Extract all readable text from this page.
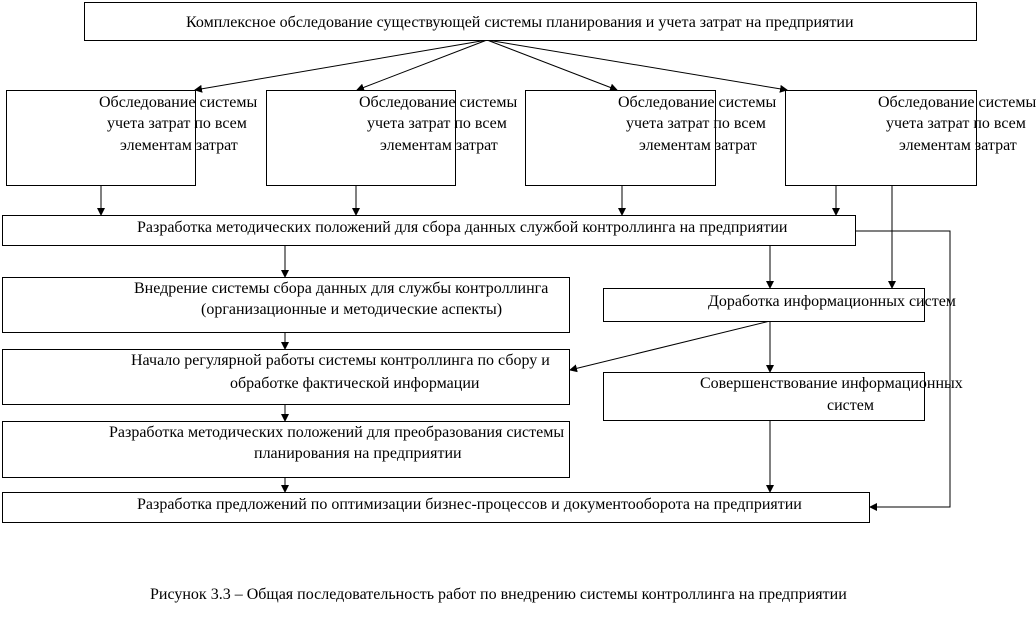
Комплексное обследование существующей системы планирования и учета затрат на предприятии
Обследование системы
учета затрат по всем
элементам затрат
Обследование системы
учета затрат по всем
элементам затрат
Обследование системы
учета затрат по всем
элементам затрат
Обследование системы
учета затрат по всем
элементам затрат
Разработка методических положений для сбора данных службой контроллинга на предприятии
Внедрение системы сбора данных для службы контроллинга
(организационные и методические аспекты)	Доработка информационных систем
Начало регулярной работы системы контроллинга по сбору и
обработке фактической информации	Совершенствование информационных
систем
Разработка методических положений для преобразования системы
планирования на предприятии
Разработка предложений по оптимизации бизнес-процессов и документооборота на предприятии
Рисунок 3.3 – Общая последовательность работ по внедрению системы контроллинга на предприятии
